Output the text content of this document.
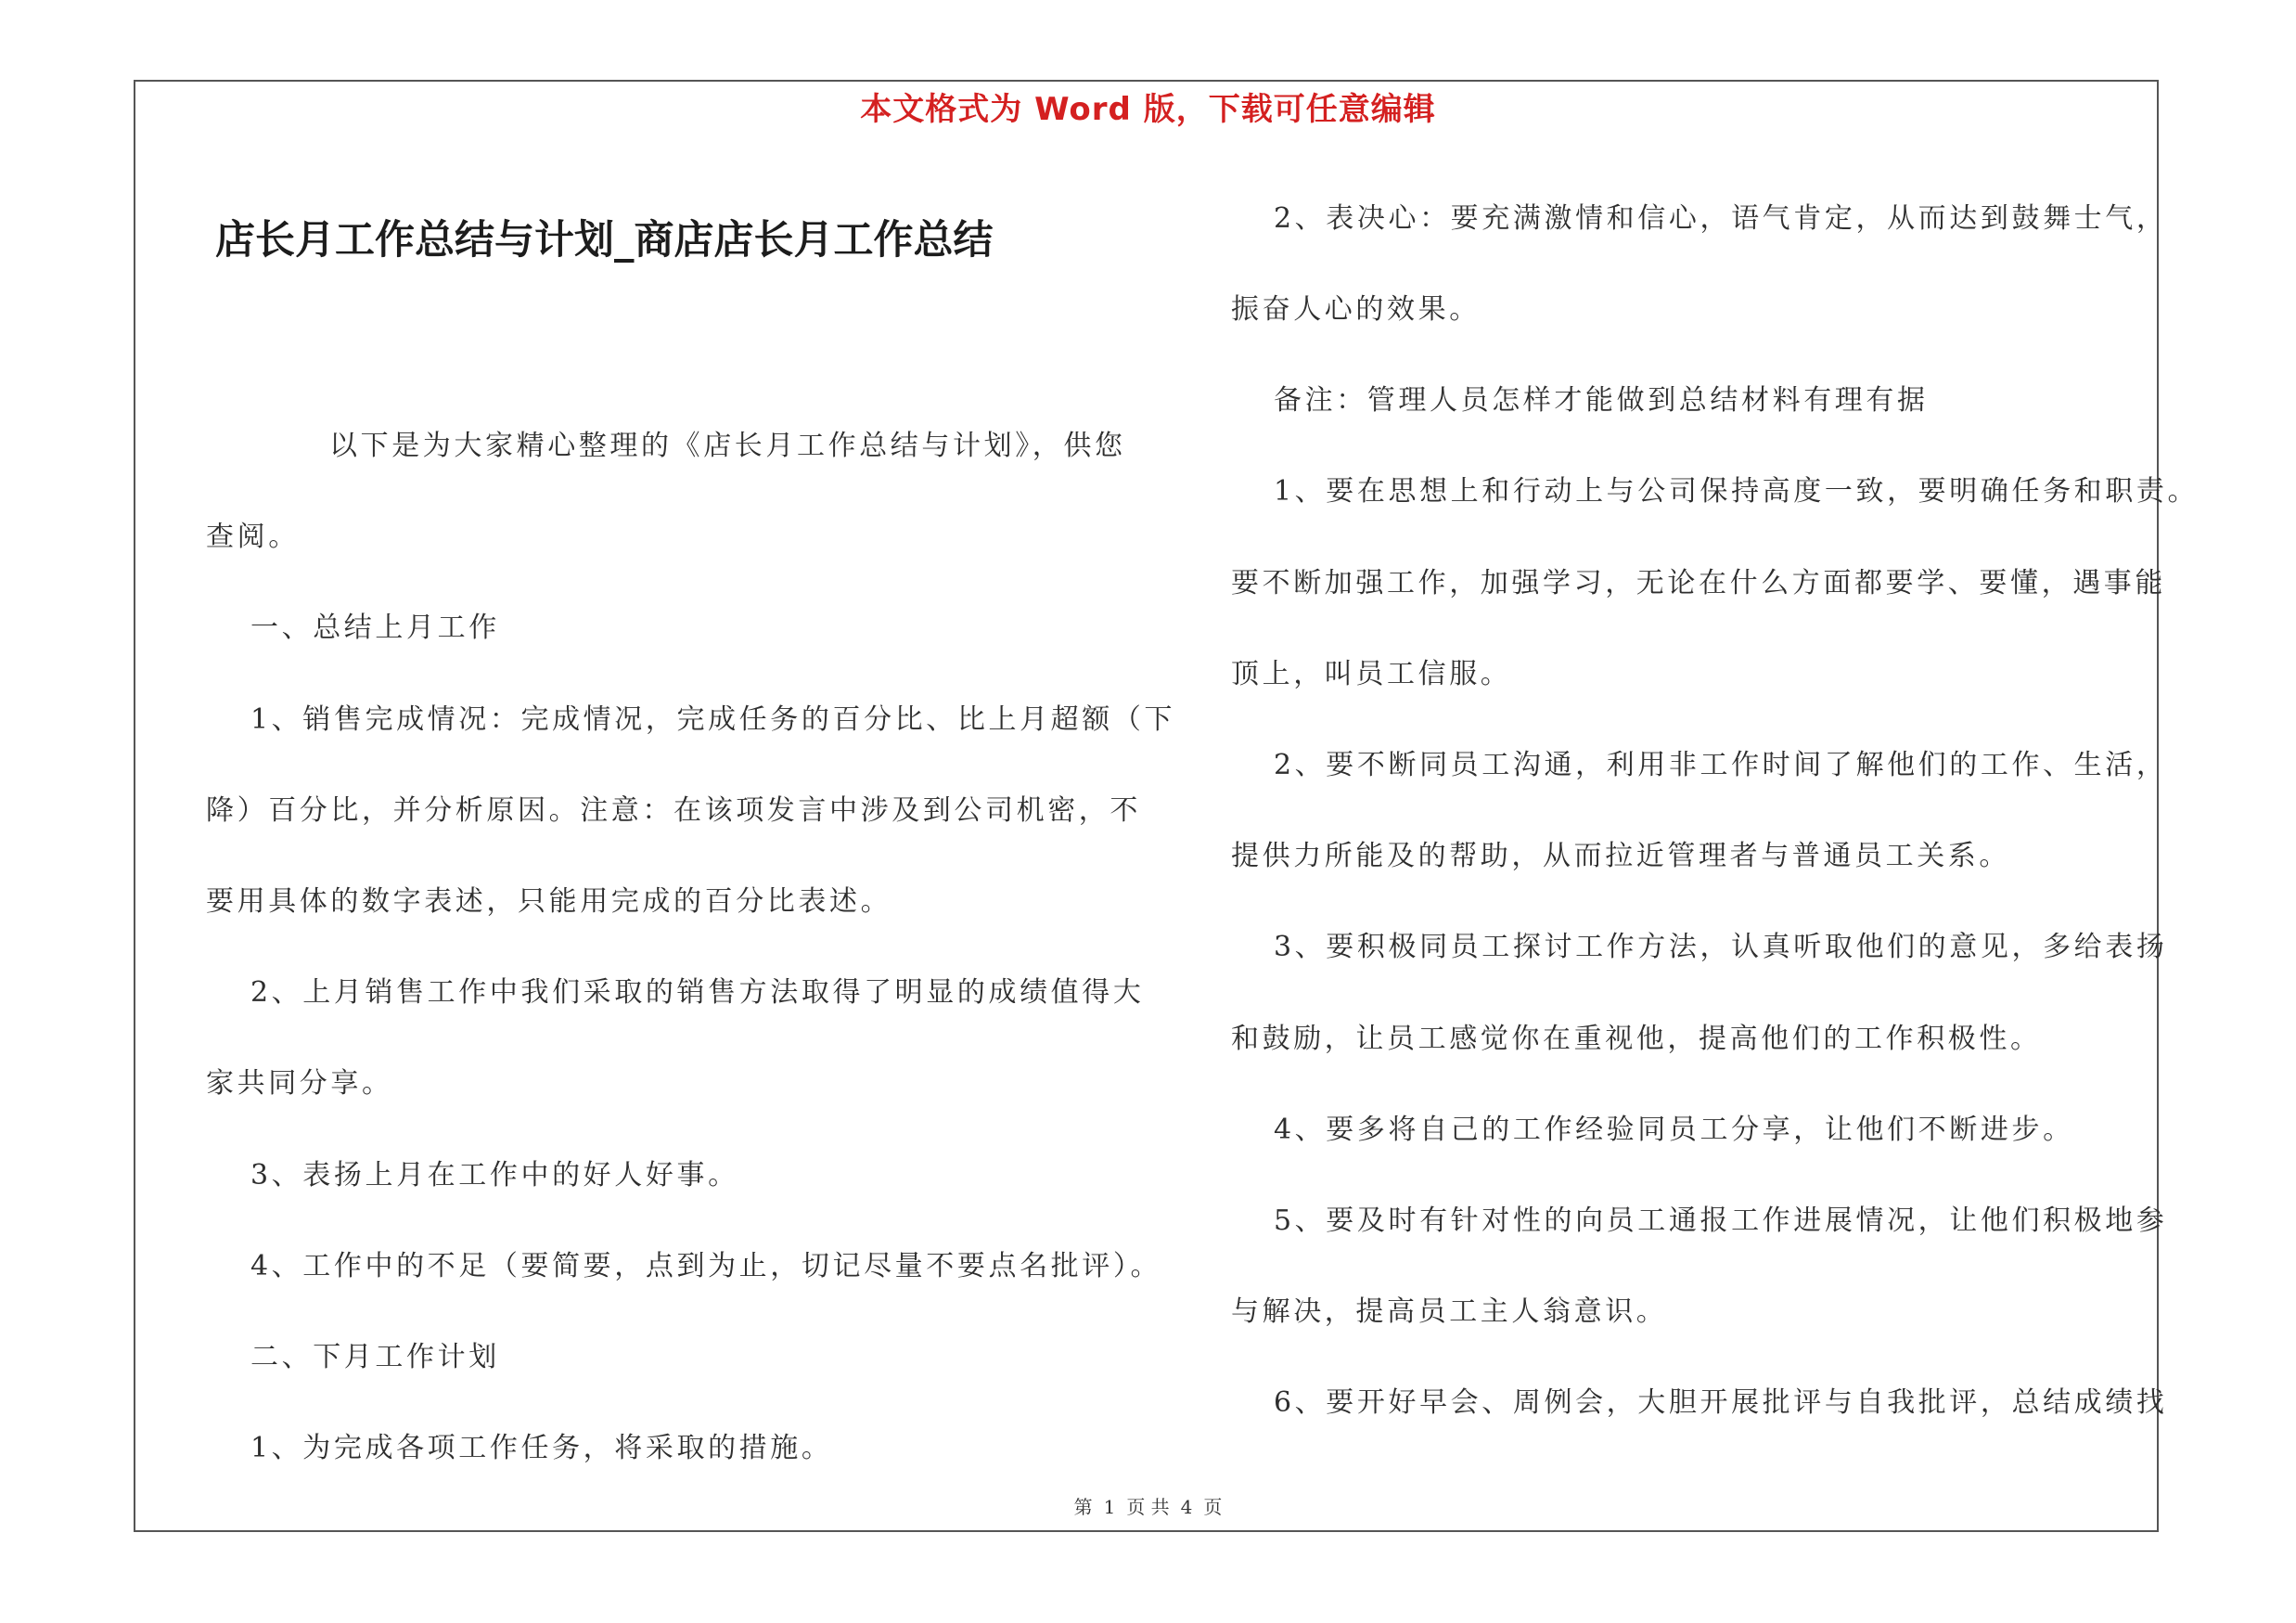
本文格式为 Word 版，下载可任意编辑
店长月工作总结与计划_商店店长月工作总结
以下是为大家精心整理的《店长月工作总结与计划》，供您
查阅。
一、总结上月工作
1、销售完成情况：完成情况，完成任务的百分比、比上月超额（下
降）百分比，并分析原因。注意：在该项发言中涉及到公司机密，不
要用具体的数字表述，只能用完成的百分比表述。
2、上月销售工作中我们采取的销售方法取得了明显的成绩值得大
家共同分享。
3、表扬上月在工作中的好人好事。
4、工作中的不足（要简要，点到为止，切记尽量不要点名批评）。
二、下月工作计划
1、为完成各项工作任务，将采取的措施。
2、表决心：要充满激情和信心，语气肯定，从而达到鼓舞士气，
振奋人心的效果。
备注：管理人员怎样才能做到总结材料有理有据
1、要在思想上和行动上与公司保持高度一致，要明确任务和职责。
要不断加强工作，加强学习，无论在什么方面都要学、要懂，遇事能
顶上，叫员工信服。
2、要不断同员工沟通，利用非工作时间了解他们的工作、生活，
提供力所能及的帮助，从而拉近管理者与普通员工关系。
3、要积极同员工探讨工作方法，认真听取他们的意见，多给表扬
和鼓励，让员工感觉你在重视他，提高他们的工作积极性。
4、要多将自己的工作经验同员工分享，让他们不断进步。
5、要及时有针对性的向员工通报工作进展情况，让他们积极地参
与解决，提高员工主人翁意识。
6、要开好早会、周例会，大胆开展批评与自我批评，总结成绩找
第 1 页 共 4 页
